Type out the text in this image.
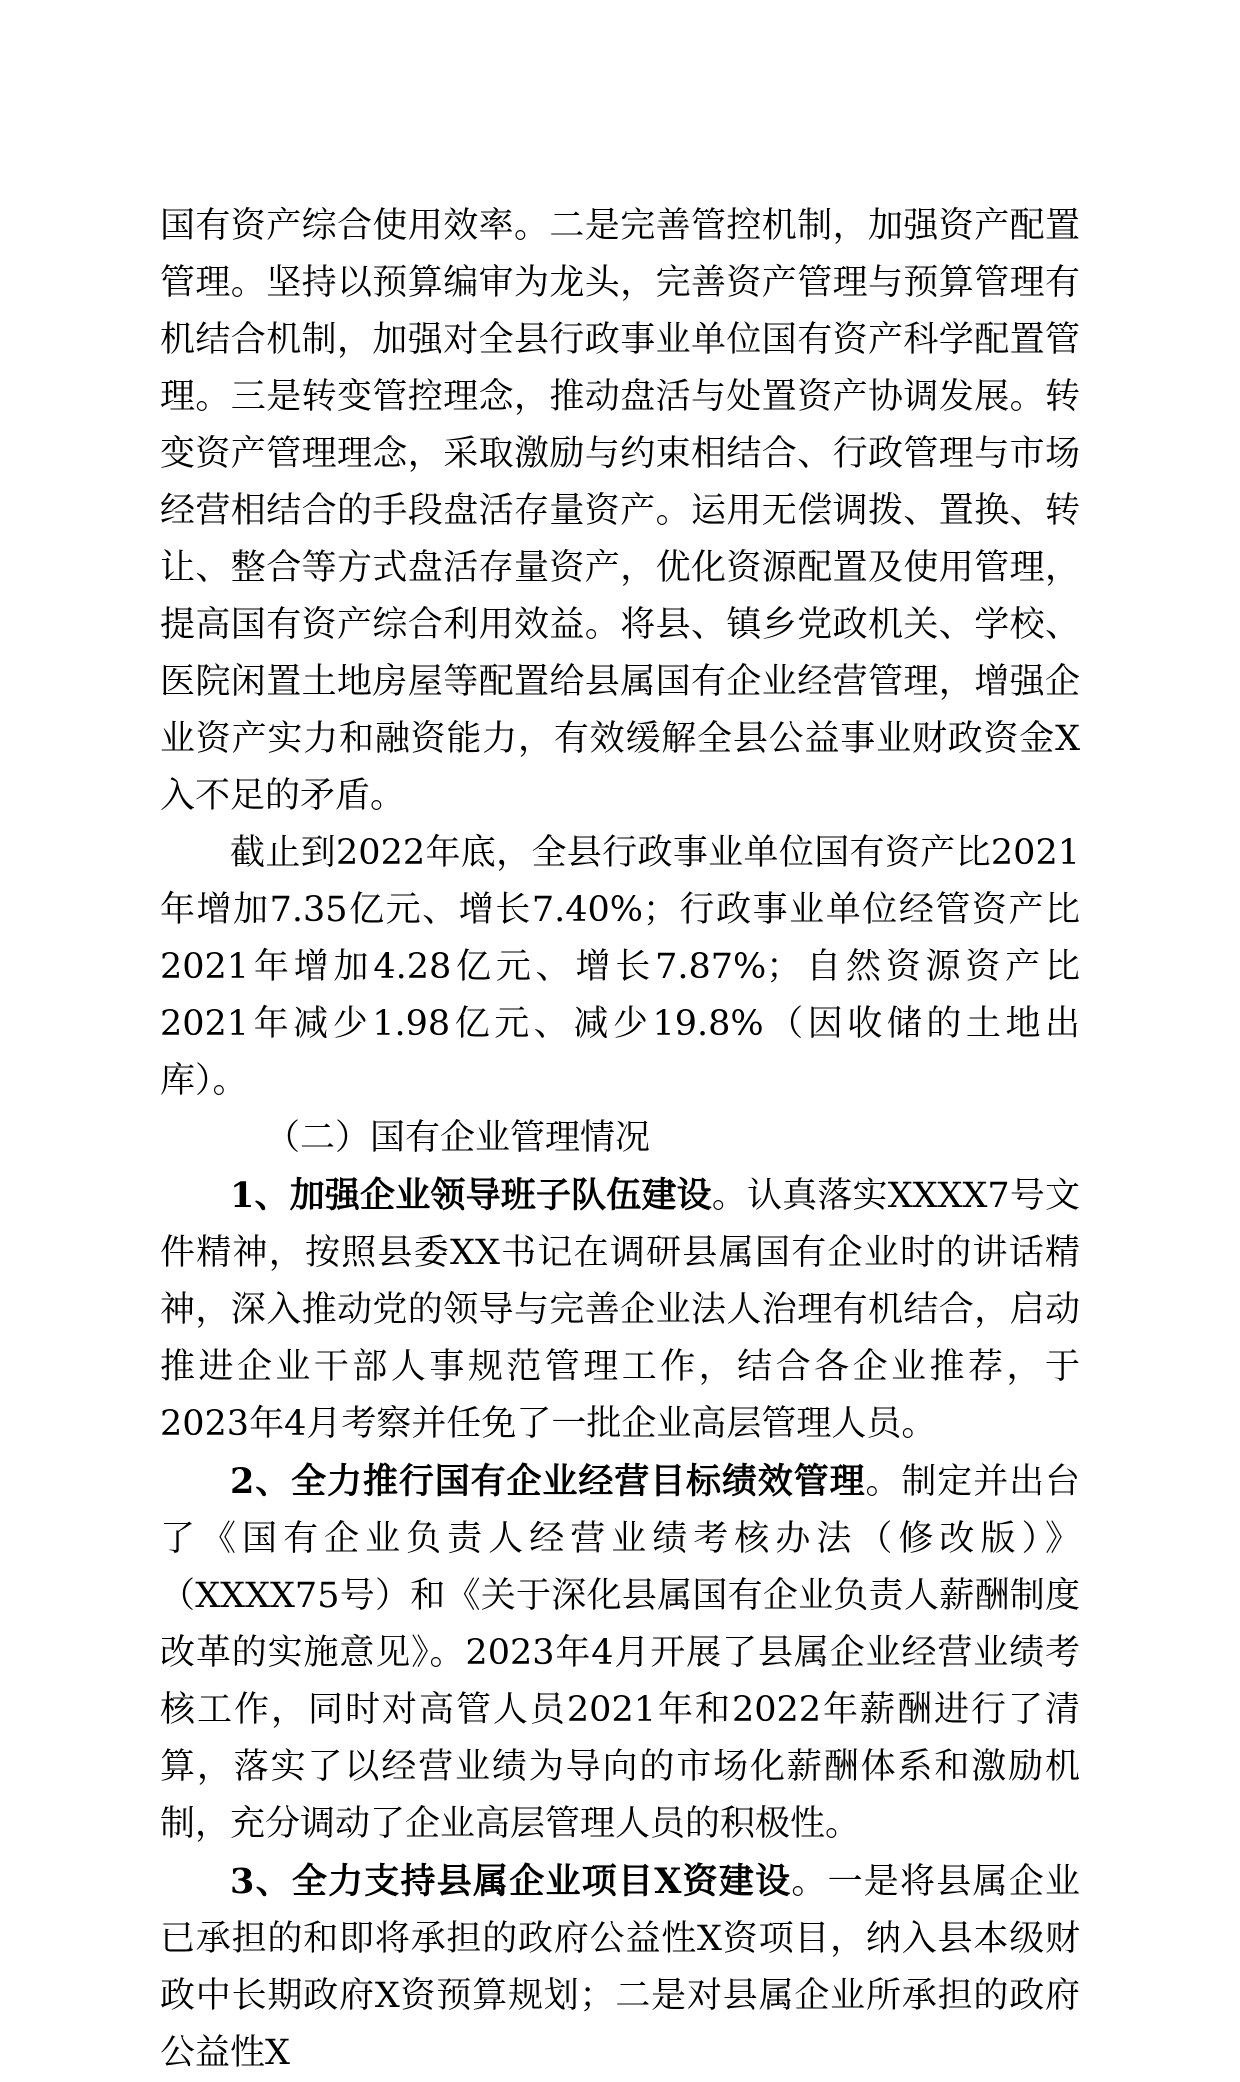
国有资产综合使用效率。二是完善管控机制，加强资产配置管理。坚持以预算编审为龙头，完善资产管理与预算管理有机结合机制，加强对全县行政事业单位国有资产科学配置管理。三是转变管控理念，推动盘活与处置资产协调发展。转变资产管理理念，采取激励与约束相结合、行政管理与市场经营相结合的手段盘活存量资产。运用无偿调拨、置换、转让、整合等方式盘活存量资产，优化资源配置及使用管理，提高国有资产综合利用效益。将县、镇乡党政机关、学校、医院闲置土地房屋等配置给县属国有企业经营管理，增强企业资产实力和融资能力，有效缓解全县公益事业财政资金X入不足的矛盾。

截止到2022年底，全县行政事业单位国有资产比2021年增加7.35亿元、增长7.40%；行政事业单位经管资产比2021年增加4.28亿元、增长7.87%；自然资源资产比2021年减少1.98亿元、减少19.8%（因收储的土地出库）。

（二）国有企业管理情况

1、加强企业领导班子队伍建设。认真落实XXXX7号文件精神，按照县委XX书记在调研县属国有企业时的讲话精神，深入推动党的领导与完善企业法人治理有机结合，启动推进企业干部人事规范管理工作，结合各企业推荐，于2023年4月考察并任免了一批企业高层管理人员。

2、全力推行国有企业经营目标绩效管理。制定并出台了《国有企业负责人经营业绩考核办法（修改版）》（XXXX75号）和《关于深化县属国有企业负责人薪酬制度改革的实施意见》。2023年4月开展了县属企业经营业绩考核工作，同时对高管人员2021年和2022年薪酬进行了清算，落实了以经营业绩为导向的市场化薪酬体系和激励机制，充分调动了企业高层管理人员的积极性。

3、全力支持县属企业项目X资建设。一是将县属企业已承担的和即将承担的政府公益性X资项目，纳入县本级财政中长期政府X资预算规划；二是对县属企业所承担的政府公益性X
